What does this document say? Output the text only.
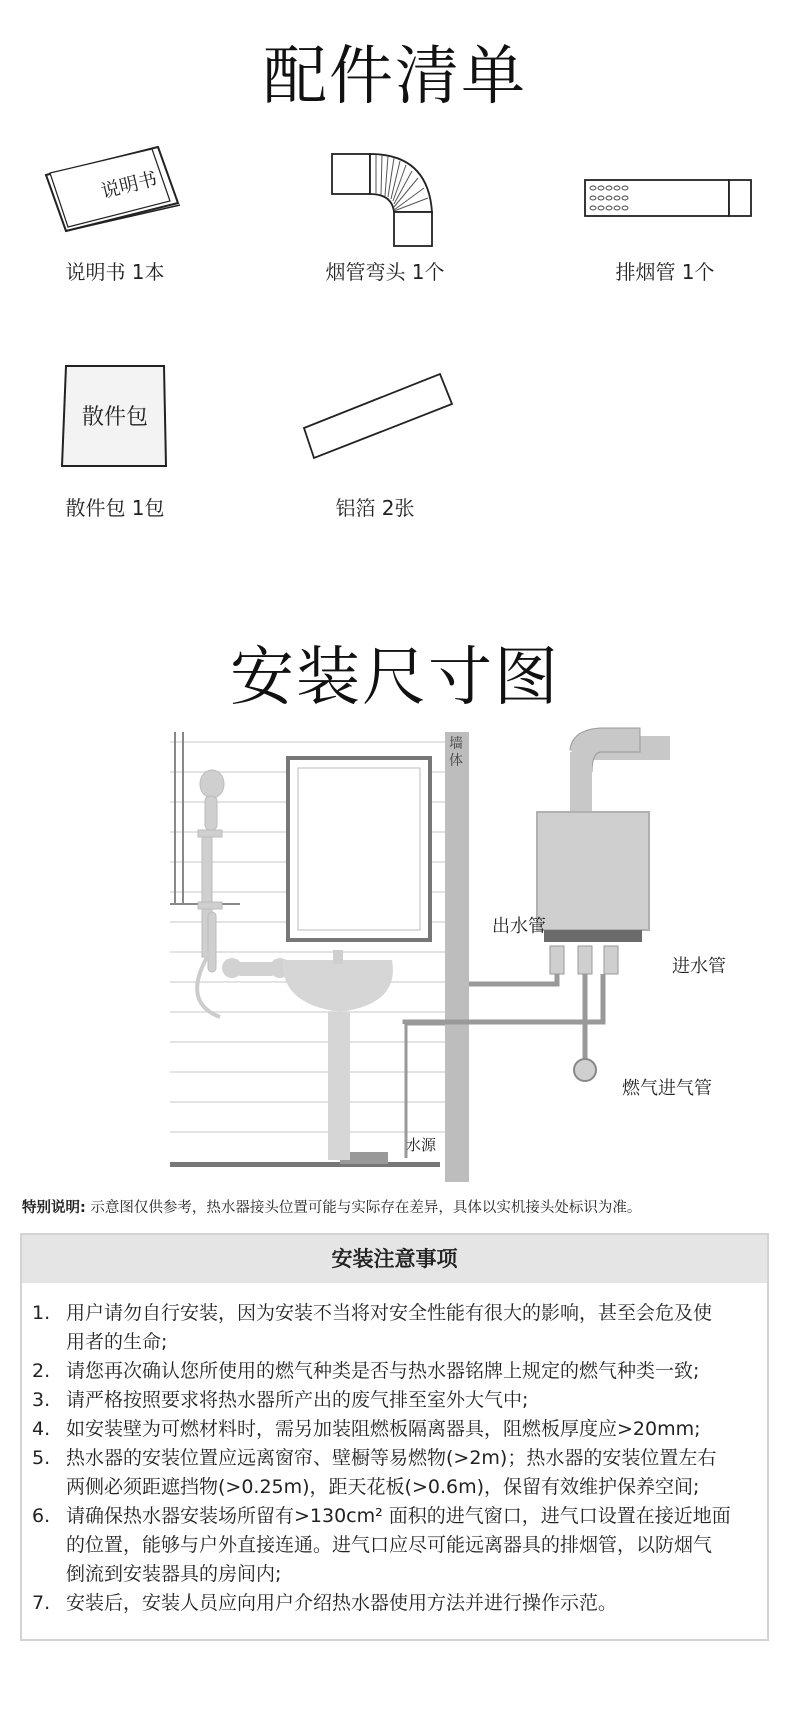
配件清单
说明书
说明书 1本	烟管弯头 1个	排烟管 1个
散件包
散件包 1包	铝箔 2张
安装尺寸图
墙体
出水管
进水管
燃气进气管
水源
特别说明: 示意图仅供参考，热水器接头位置可能与实际存在差异，具体以实机接头处标识为准。
安装注意事项
1. 用户请勿自行安装，因为安装不当将对安全性能有很大的影响，甚至会危及使
用者的生命;
2. 请您再次确认您所使用的燃气种类是否与热水器铭牌上规定的燃气种类一致;
3. 请严格按照要求将热水器所产出的废气排至室外大气中;
4. 如安装壁为可燃材料时，需另加装阻燃板隔离器具，阻燃板厚度应>20mm;
5. 热水器的安装位置应远离窗帘、壁橱等易燃物(>2m)；热水器的安装位置左右
两侧必须距遮挡物(>0.25m)，距天花板(>0.6m)，保留有效维护保养空间;
6. 请确保热水器安装场所留有>130cm² 面积的进气窗口，进气口设置在接近地面
的位置，能够与户外直接连通。进气口应尽可能远离器具的排烟管，以防烟气
倒流到安装器具的房间内;
7. 安装后，安装人员应向用户介绍热水器使用方法并进行操作示范。
